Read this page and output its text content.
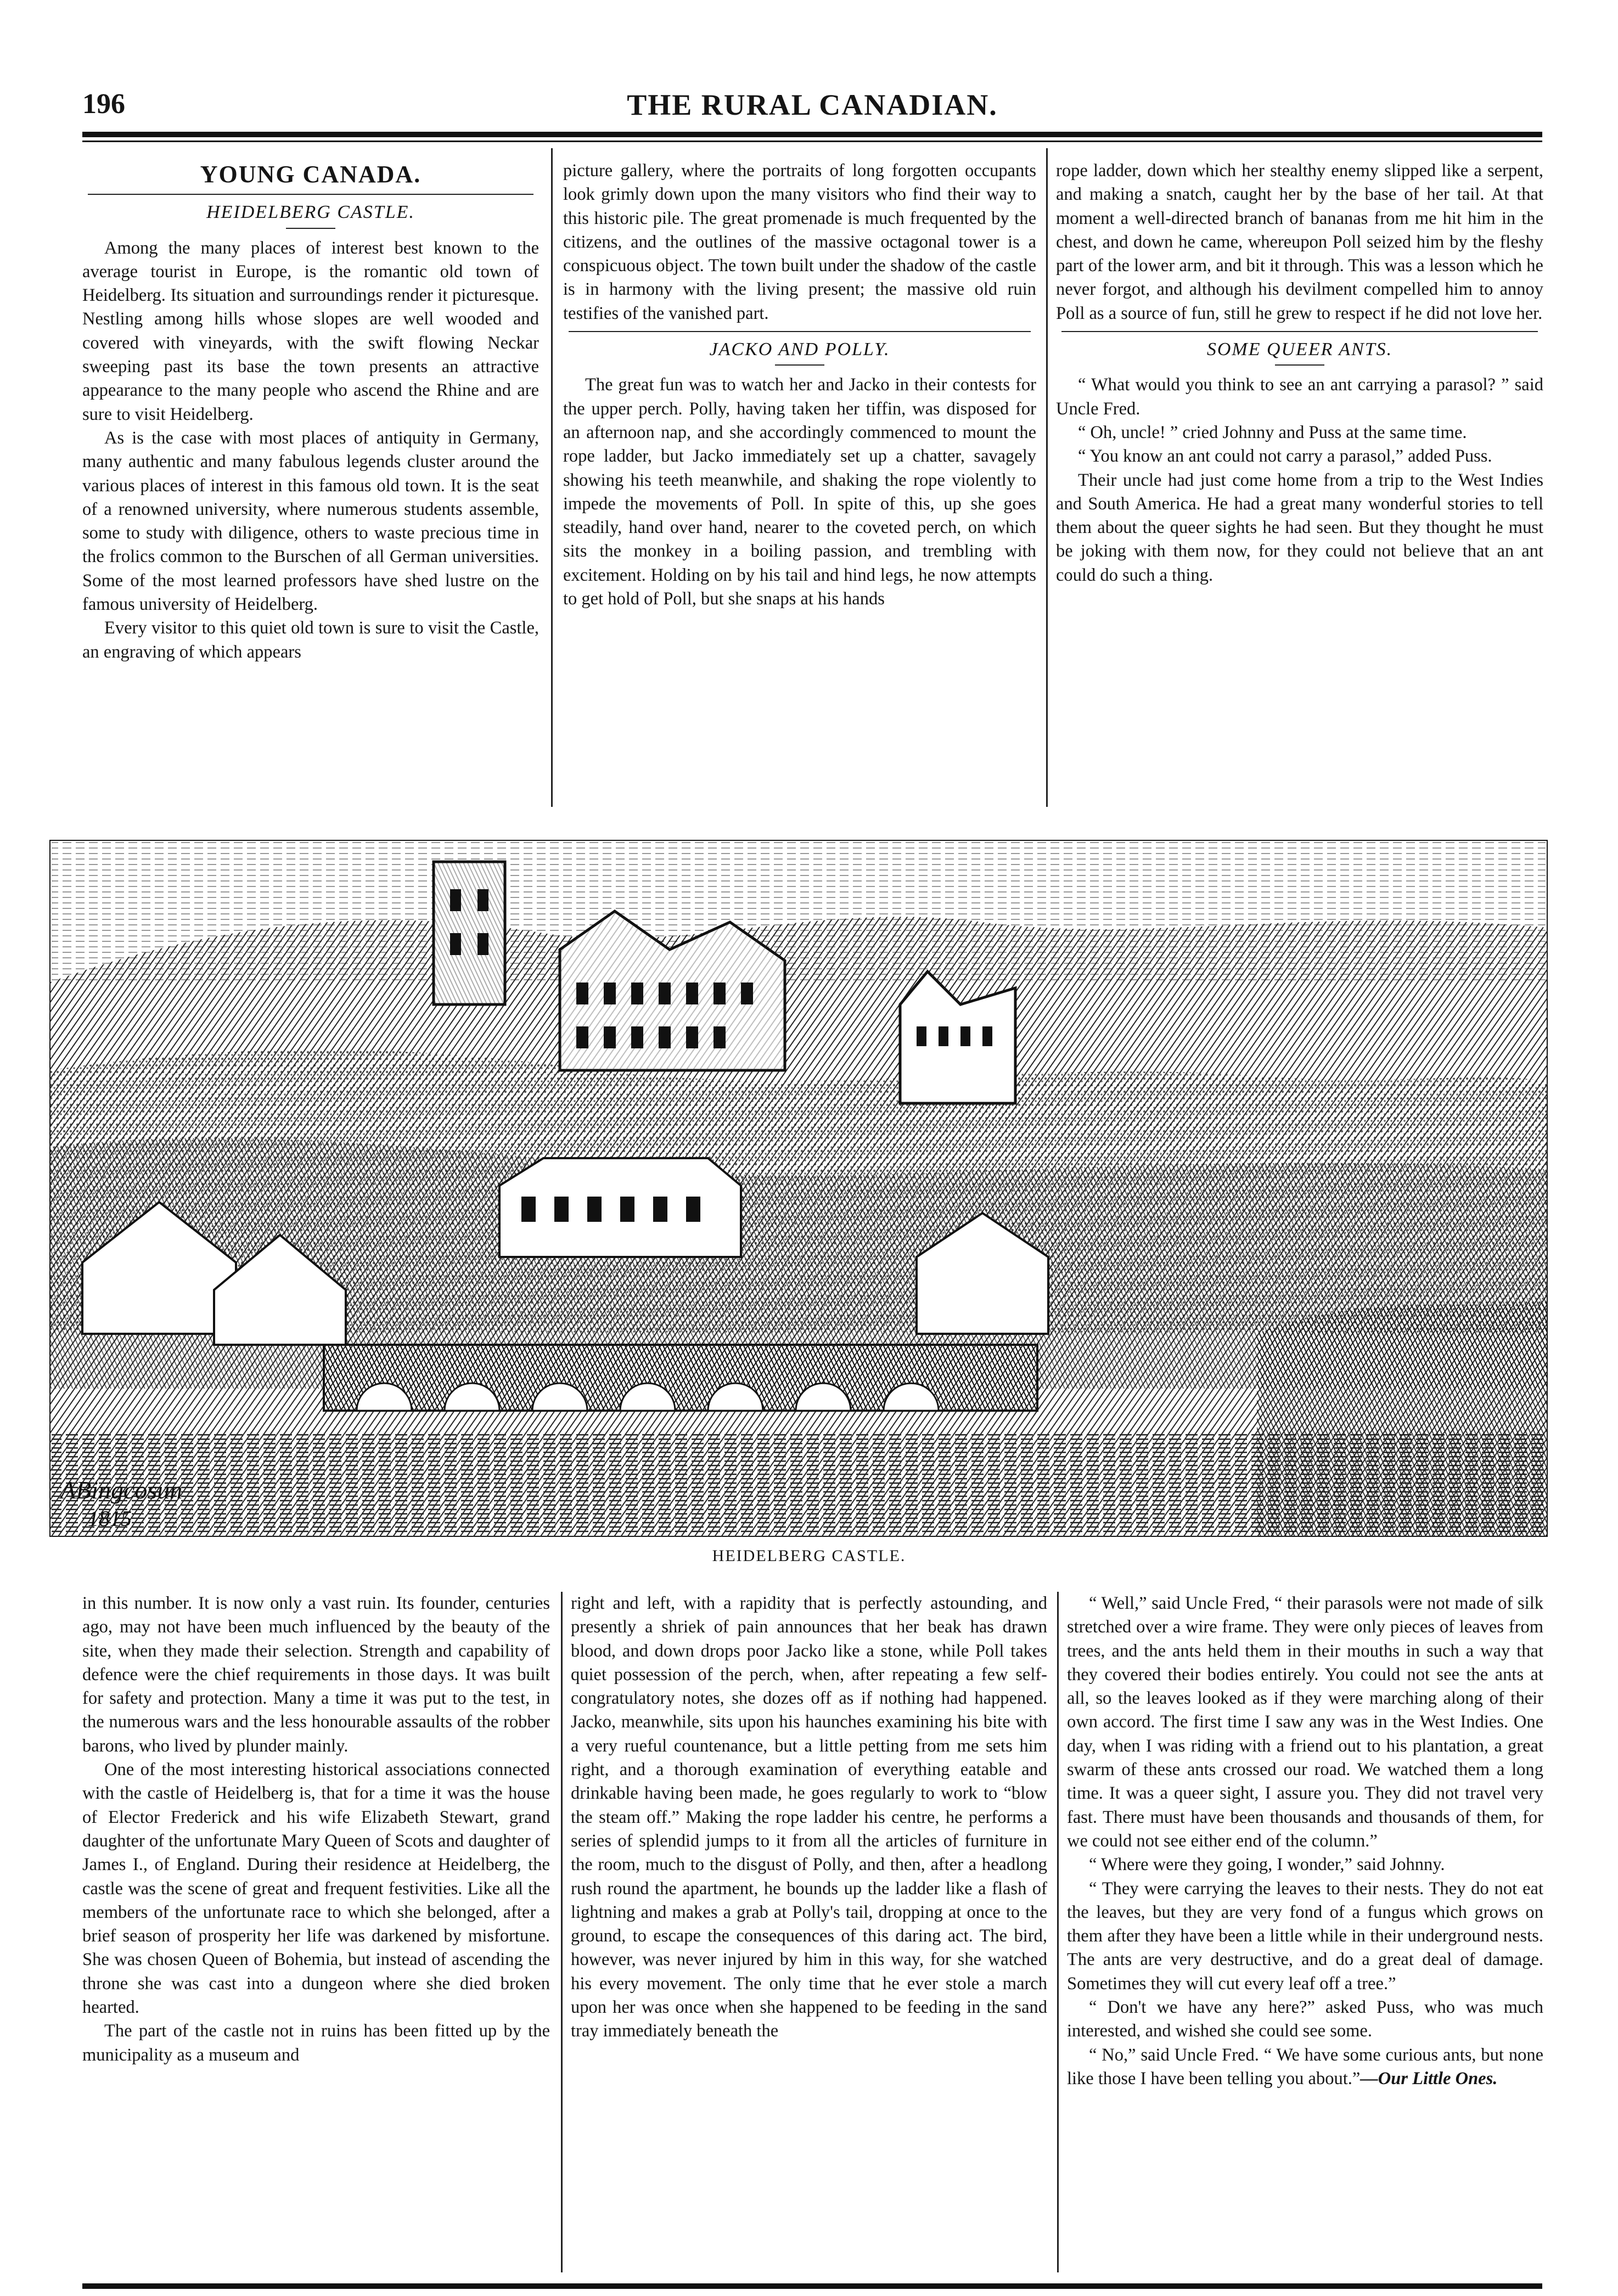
196	THE RURAL CANADIAN.
YOUNG CANADA.
HEIDELBERG CASTLE.

Among the many places of interest best known to the average tourist in Europe, is the romantic old town of Heidelberg. Its situation and surroundings render it picturesque. Nestling among hills whose slopes are well wooded and covered with vineyards, with the swift flowing Neckar sweeping past its base the town presents an attractive appearance to the many people who ascend the Rhine and are sure to visit Heidelberg.

As is the case with most places of antiquity in Germany, many authentic and many fabulous legends cluster around the various places of interest in this famous old town. It is the seat of a renowned university, where numerous students assemble, some to study with diligence, others to waste precious time in the frolics common to the Burschen of all German universities. Some of the most learned professors have shed lustre on the famous university of Heidelberg.

Every visitor to this quiet old town is sure to visit the Castle, an engraving of which appears

picture gallery, where the portraits of long forgotten occupants look grimly down upon the many visitors who find their way to this historic pile. The great promenade is much frequented by the citizens, and the outlines of the massive octagonal tower is a conspicuous object. The town built under the shadow of the castle is in harmony with the living present; the massive old ruin testifies of the vanished part.

JACKO AND POLLY.

The great fun was to watch her and Jacko in their contests for the upper perch. Polly, having taken her tiffin, was disposed for an afternoon nap, and she accordingly commenced to mount the rope ladder, but Jacko immediately set up a chatter, savagely showing his teeth meanwhile, and shaking the rope violently to impede the movements of Poll. In spite of this, up she goes steadily, hand over hand, nearer to the coveted perch, on which sits the monkey in a boiling passion, and trembling with excitement. Holding on by his tail and hind legs, he now attempts to get hold of Poll, but she snaps at his hands

rope ladder, down which her stealthy enemy slipped like a serpent, and making a snatch, caught her by the base of her tail. At that moment a well-directed branch of bananas from me hit him in the chest, and down he came, whereupon Poll seized him by the fleshy part of the lower arm, and bit it through. This was a lesson which he never forgot, and although his devilment compelled him to annoy Poll as a source of fun, still he grew to respect if he did not love her.

SOME QUEER ANTS.

“ What would you think to see an ant carrying a parasol? ” said Uncle Fred.

“ Oh, uncle! ” cried Johnny and Puss at the same time.

“ You know an ant could not carry a parasol,” added Puss.

Their uncle had just come home from a trip to the West Indies and South America. He had a great many wonderful stories to tell them about the queer sights he had seen. But they thought he must be joking with them now, for they could not believe that an ant could do such a thing.

ABingcosun
1815
HEIDELBERG CASTLE.

in this number. It is now only a vast ruin. Its founder, centuries ago, may not have been much influenced by the beauty of the site, when they made their selection. Strength and capability of defence were the chief requirements in those days. It was built for safety and protection. Many a time it was put to the test, in the numerous wars and the less honourable assaults of the robber barons, who lived by plunder mainly.

One of the most interesting historical associations connected with the castle of Heidelberg is, that for a time it was the house of Elector Frederick and his wife Elizabeth Stewart, grand daughter of the unfortunate Mary Queen of Scots and daughter of James I., of England. During their residence at Heidelberg, the castle was the scene of great and frequent festivities. Like all the members of the unfortunate race to which she belonged, after a brief season of prosperity her life was darkened by misfortune. She was chosen Queen of Bohemia, but instead of ascending the throne she was cast into a dungeon where she died broken hearted.

The part of the castle not in ruins has been fitted up by the municipality as a museum and

right and left, with a rapidity that is perfectly astounding, and presently a shriek of pain announces that her beak has drawn blood, and down drops poor Jacko like a stone, while Poll takes quiet possession of the perch, when, after repeating a few self-congratulatory notes, she dozes off as if nothing had happened. Jacko, meanwhile, sits upon his haunches examining his bite with a very rueful countenance, but a little petting from me sets him right, and a thorough examination of everything eatable and drinkable having been made, he goes regularly to work to “blow the steam off.” Making the rope ladder his centre, he performs a series of splendid jumps to it from all the articles of furniture in the room, much to the disgust of Polly, and then, after a headlong rush round the apartment, he bounds up the ladder like a flash of lightning and makes a grab at Polly's tail, dropping at once to the ground, to escape the consequences of this daring act. The bird, however, was never injured by him in this way, for she watched his every movement. The only time that he ever stole a march upon her was once when she happened to be feeding in the sand tray immediately beneath the

“ Well,” said Uncle Fred, “ their parasols were not made of silk stretched over a wire frame. They were only pieces of leaves from trees, and the ants held them in their mouths in such a way that they covered their bodies entirely. You could not see the ants at all, so the leaves looked as if they were marching along of their own accord. The first time I saw any was in the West Indies. One day, when I was riding with a friend out to his plantation, a great swarm of these ants crossed our road. We watched them a long time. It was a queer sight, I assure you. They did not travel very fast. There must have been thousands and thousands of them, for we could not see either end of the column.”

“ Where were they going, I wonder,” said Johnny.

“ They were carrying the leaves to their nests. They do not eat the leaves, but they are very fond of a fungus which grows on them after they have been a little while in their underground nests. The ants are very destructive, and do a great deal of damage. Sometimes they will cut every leaf off a tree.”

“ Don't we have any here?” asked Puss, who was much interested, and wished she could see some.

“ No,” said Uncle Fred. “ We have some curious ants, but none like those I have been telling you about.”—Our Little Ones.
